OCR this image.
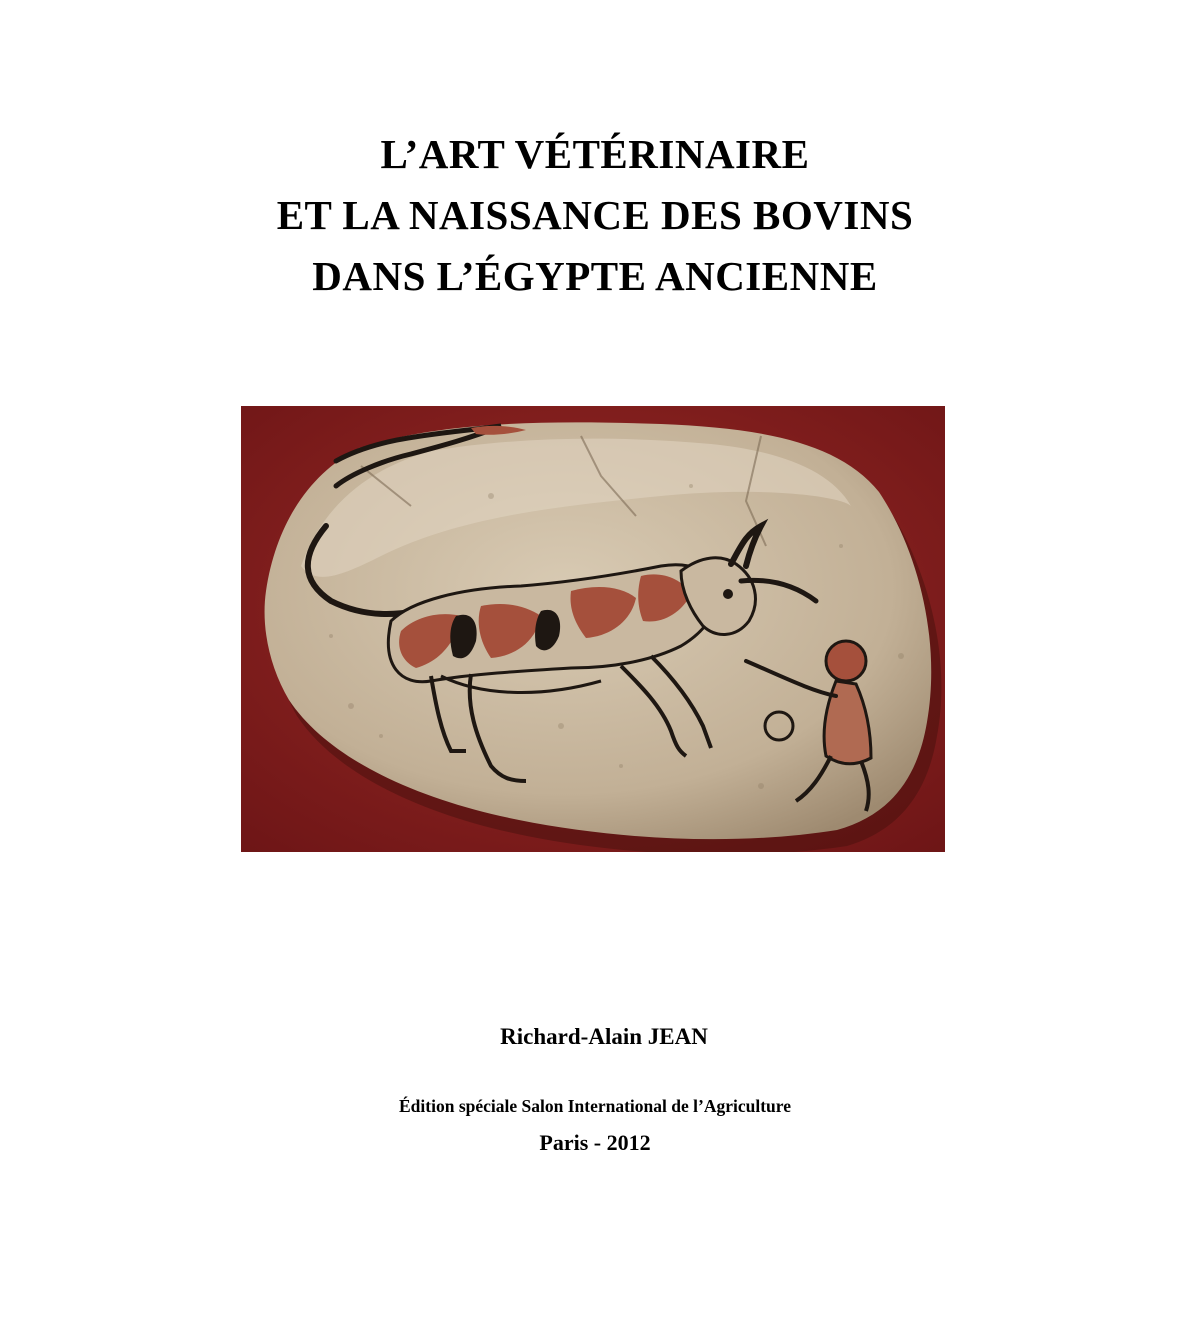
L’ART VÉTÉRINAIRE
ET LA NAISSANCE DES BOVINS
DANS L’ÉGYPTE ANCIENNE
Richard-Alain JEAN
Édition spéciale Salon International de l’Agriculture
Paris - 2012
